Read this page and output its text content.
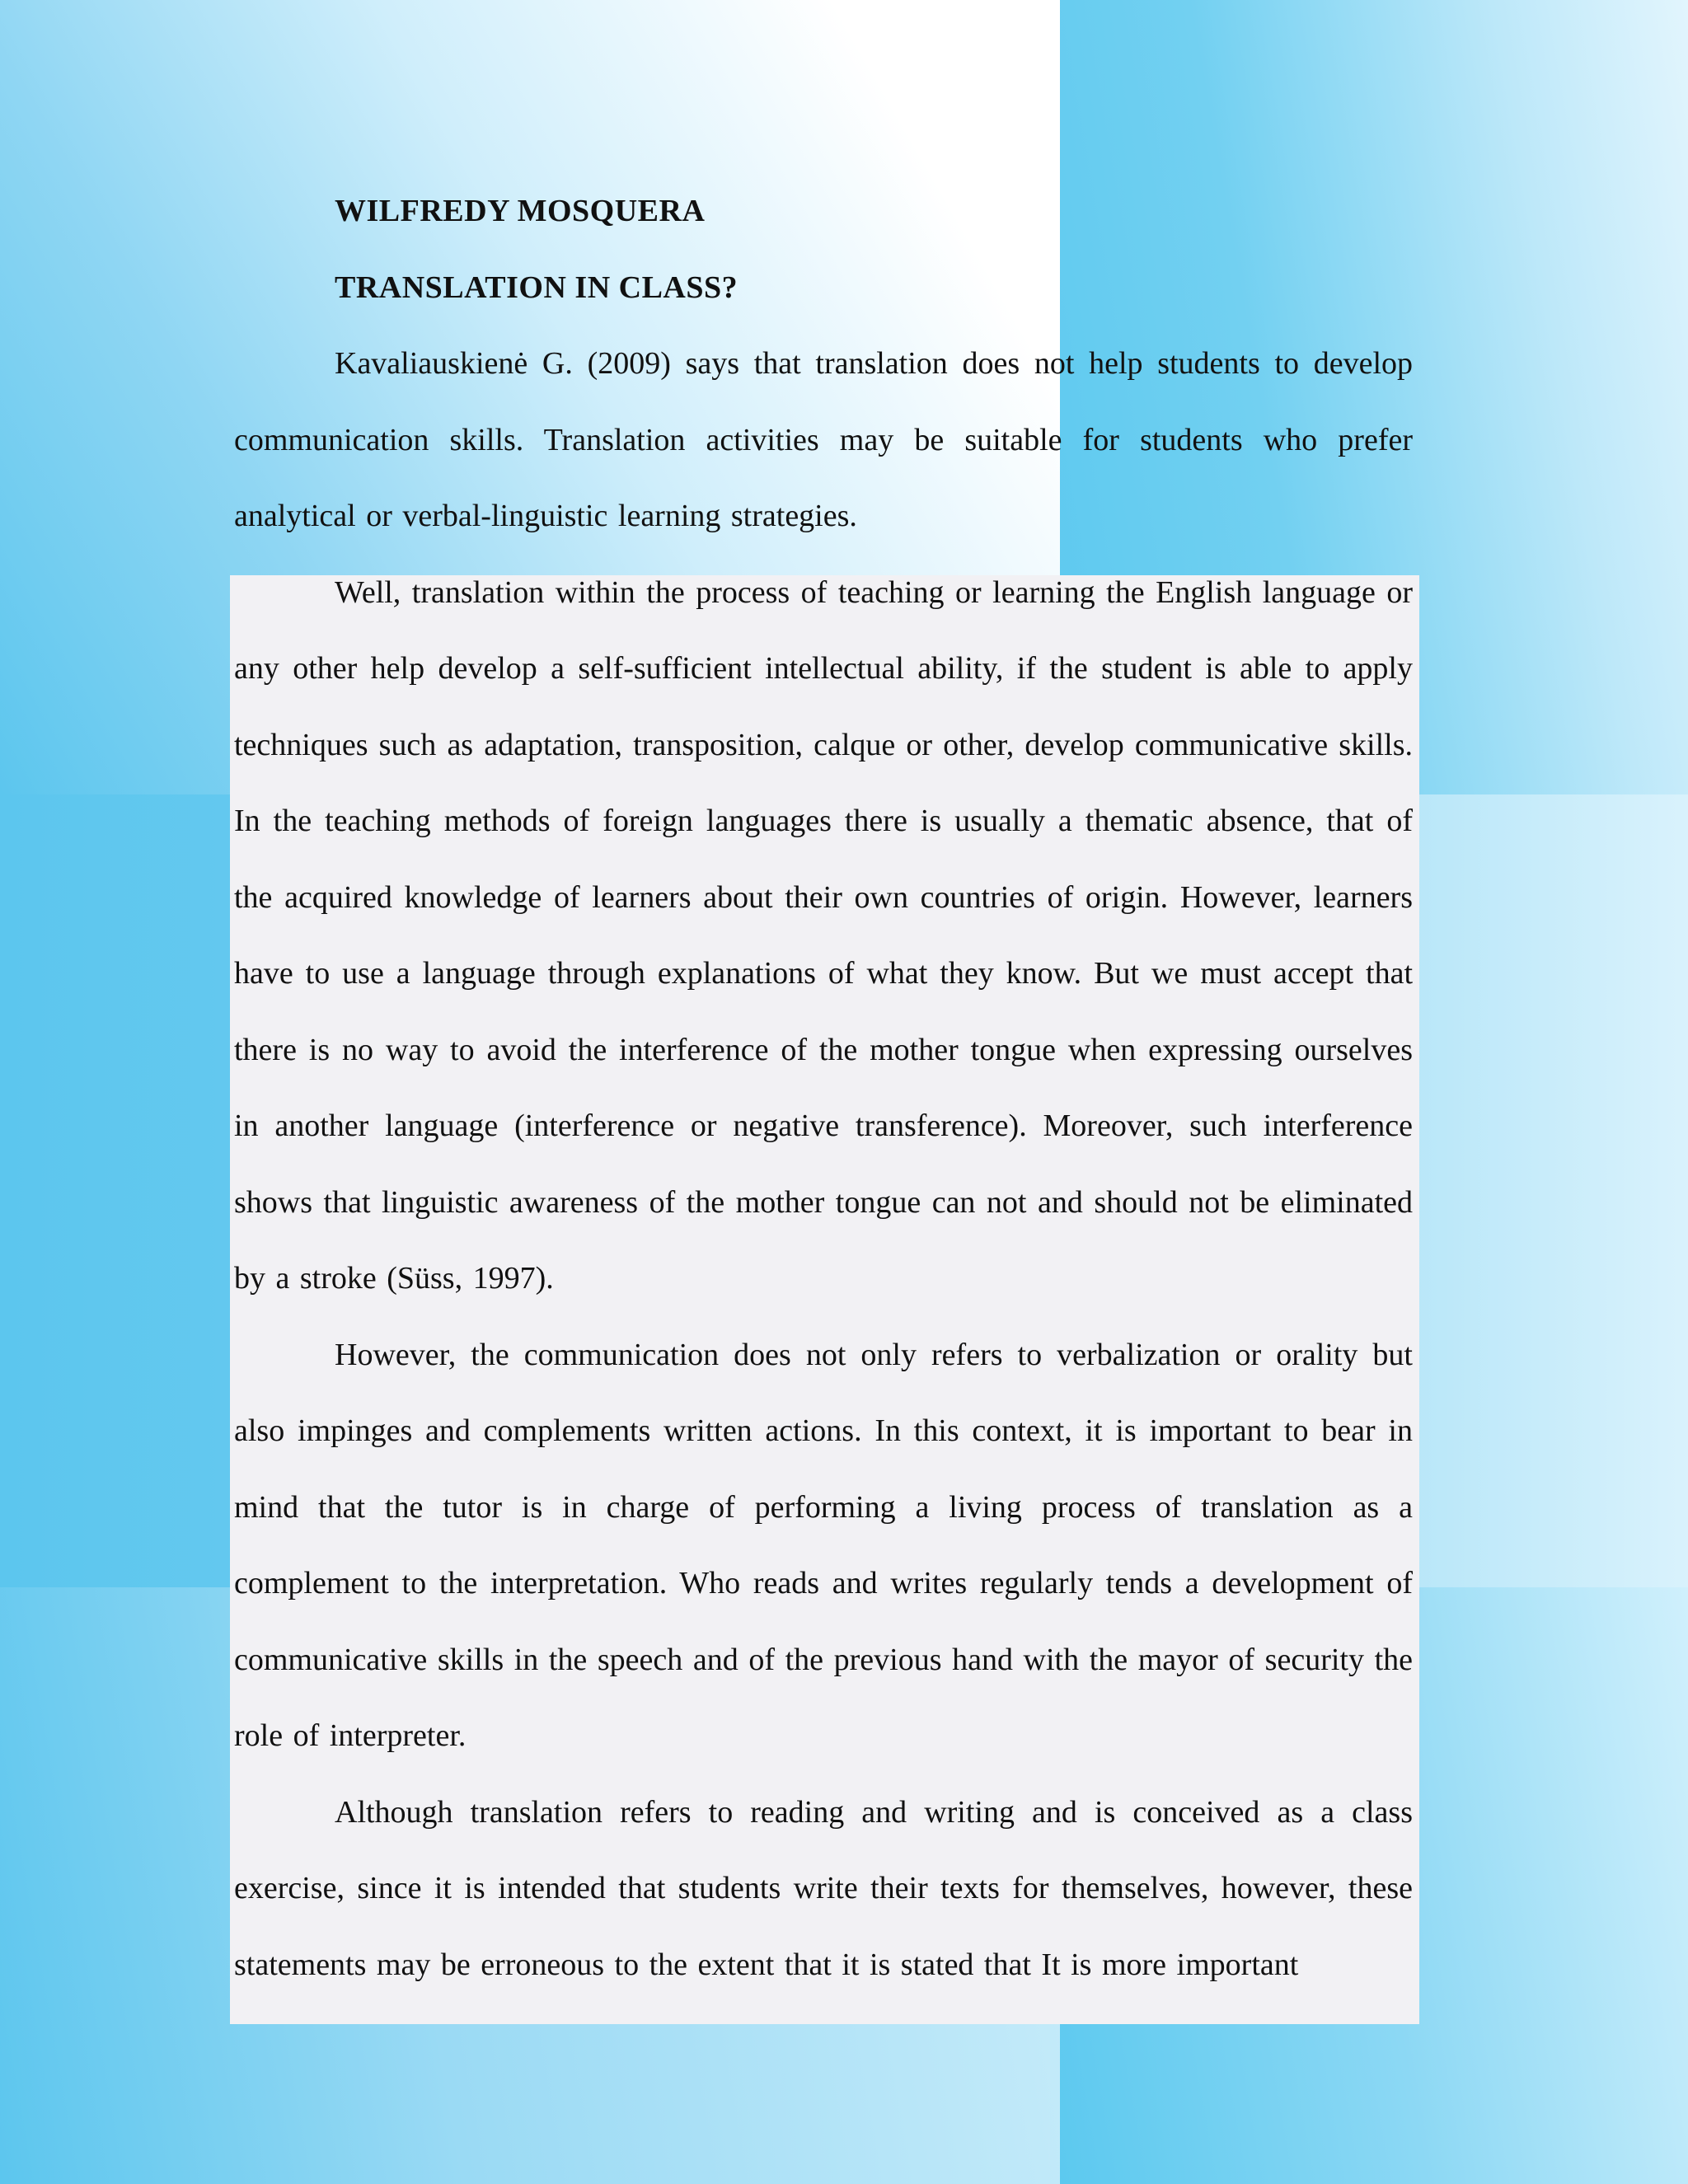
WILFREDY MOSQUERA

TRANSLATION IN CLASS?

Kavaliauskienė G. (2009) says that translation does not help students to develop communication skills. Translation activities may be suitable for students who prefer analytical or verbal-linguistic learning strategies.

Well, translation within the process of teaching or learning the English language or any other help develop a self-sufficient intellectual ability, if the student is able to apply techniques such as adaptation, transposition, calque or other, develop communicative skills. In the teaching methods of foreign languages there is usually a thematic absence, that of the acquired knowledge of learners about their own countries of origin. However, learners have to use a language through explanations of what they know. But we must accept that there is no way to avoid the interference of the mother tongue when expressing ourselves in another language (interference or negative transference). Moreover, such interference shows that linguistic awareness of the mother tongue can not and should not be eliminated by a stroke (Süss, 1997).

However, the communication does not only refers to verbalization or orality but also impinges and complements written actions. In this context, it is important to bear in mind that the tutor is in charge of performing a living process of translation as a complement to the interpretation. Who reads and writes regularly tends a development of communicative skills in the speech and of the previous hand with the mayor of security the role of interpreter.

Although translation refers to reading and writing and is conceived as a class exercise, since it is intended that students write their texts for themselves, however, these statements may be erroneous to the extent that it is stated that It is more important
